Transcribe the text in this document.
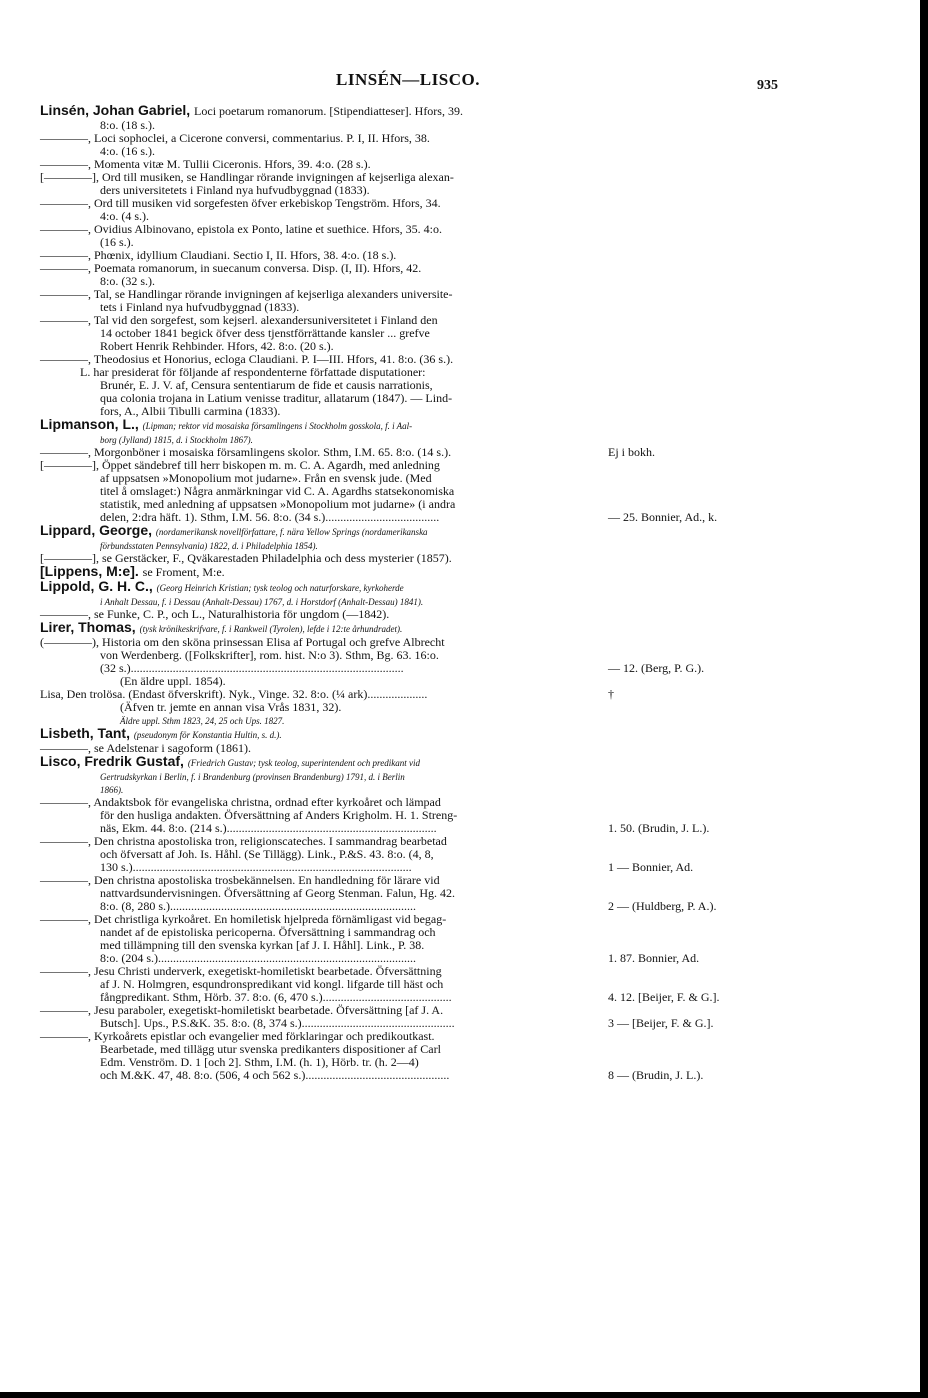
LINSÉN—LISCO.	935
Linsén, Johan Gabriel, Loci poetarum romanorum. [Stipendiatteser]. Hfors, 39.
8:o. (18 s.).
————, Loci sophoclei, a Cicerone conversi, commentarius. P. I, II. Hfors, 38.
4:o. (16 s.).
————, Momenta vitæ M. Tullii Ciceronis. Hfors, 39. 4:o. (28 s.).
[————], Ord till musiken, se Handlingar rörande invigningen af kejserliga alexan-
ders universitetets i Finland nya hufvudbyggnad (1833).
————, Ord till musiken vid sorgefesten öfver erkebiskop Tengström. Hfors, 34.
4:o. (4 s.).
————, Ovidius Albinovano, epistola ex Ponto, latine et suethice. Hfors, 35. 4:o.
(16 s.).
————, Phœnix, idyllium Claudiani. Sectio I, II. Hfors, 38. 4:o. (18 s.).
————, Poemata romanorum, in suecanum conversa. Disp. (I, II). Hfors, 42.
8:o. (32 s.).
————, Tal, se Handlingar rörande invigningen af kejserliga alexanders universite-
tets i Finland nya hufvudbyggnad (1833).
————, Tal vid den sorgefest, som kejserl. alexandersuniversitetet i Finland den
14 october 1841 begick öfver dess tjenstförrättande kansler ... grefve
Robert Henrik Rehbinder. Hfors, 42. 8:o. (20 s.).
————, Theodosius et Honorius, ecloga Claudiani. P. I—III. Hfors, 41. 8:o. (36 s.).
L. har presiderat för följande af respondenterne författade disputationer:
Brunér, E. J. V. af, Censura sententiarum de fide et causis narrationis,
qua colonia trojana in Latium venisse traditur, allatarum (1847). — Lind-
fors, A., Albii Tibulli carmina (1833).
Lipmanson, L., (Lipman; rektor vid mosaiska församlingens i Stockholm gosskola, f. i Aal-
borg (Jylland) 1815, d. i Stockholm 1867).
————, Morgonböner i mosaiska församlingens skolor. Sthm, I.M. 65. 8:o. (14 s.).	Ej i bokh.
[————], Öppet sändebref till herr biskopen m. m. C. A. Agardh, med anledning
af uppsatsen »Monopolium mot judarne». Från en svensk jude. (Med
titel å omslaget:) Några anmärkningar vid C. A. Agardhs statsekonomiska
statistik, med anledning af uppsatsen »Monopolium mot judarne» (i andra
delen, 2:dra häft. 1). Sthm, I.M. 56. 8:o. (34 s.)......................................	— 25. Bonnier, Ad., k.
Lippard, George, (nordamerikansk novellförfattare, f. nära Yellow Springs (nordamerikanska
förbundsstaten Pennsylvania) 1822, d. i Philadelphia 1854).
[————], se Gerstäcker, F., Qväkarestaden Philadelphia och dess mysterier (1857).
[Lippens, M:e]. se Froment, M:e.
Lippold, G. H. C., (Georg Heinrich Kristian; tysk teolog och naturforskare, kyrkoherde
i Anhalt Dessau, f. i Dessau (Anhalt-Dessau) 1767, d. i Horstdorf (Anhalt-Dessau) 1841).
————, se Funke, C. P., och L., Naturalhistoria för ungdom (—1842).
Lirer, Thomas, (tysk krönikeskrifvare, f. i Rankweil (Tyrolen), lefde i 12:te århundradet).
(————), Historia om den sköna prinsessan Elisa af Portugal och grefve Albrecht
von Werdenberg. ([Folkskrifter], rom. hist. N:o 3). Sthm, Bg. 63. 16:o.
(32 s.)...........................................................................................	— 12. (Berg, P. G.).
(En äldre uppl. 1854).
Lisa, Den trolösa. (Endast öfverskrift). Nyk., Vinge. 32. 8:o. (¼ ark)....................	†
(Äfven tr. jemte en annan visa Vrås 1831, 32).
Äldre uppl. Sthm 1823, 24, 25 och Ups. 1827.
Lisbeth, Tant, (pseudonym för Konstantia Hultin, s. d.).
————, se Adelstenar i sagoform (1861).
Lisco, Fredrik Gustaf, (Friedrich Gustav; tysk teolog, superintendent och predikant vid
Gertrudskyrkan i Berlin, f. i Brandenburg (provinsen Brandenburg) 1791, d. i Berlin
1866).
————, Andaktsbok för evangeliska christna, ordnad efter kyrkoåret och lämpad
för den husliga andakten. Öfversättning af Anders Krigholm. H. 1. Streng-
näs, Ekm. 44. 8:o. (214 s.)......................................................................	1. 50. (Brudin, J. L.).
————, Den christna apostoliska tron, religionscateches. I sammandrag bearbetad
och öfversatt af Joh. Is. Håhl. (Se Tillägg). Link., P.&S. 43. 8:o. (4, 8,
130 s.).............................................................................................	1 — Bonnier, Ad.
————, Den christna apostoliska trosbekännelsen. En handledning för lärare vid
nattvardsundervisningen. Öfversättning af Georg Stenman. Falun, Hg. 42.
8:o. (8, 280 s.)..................................................................................	2 — (Huldberg, P. A.).
————, Det christliga kyrkoåret. En homiletisk hjelpreda förnämligast vid begag-
nandet af de epistoliska pericoperna. Öfversättning i sammandrag och
med tillämpning till den svenska kyrkan [af J. I. Håhl]. Link., P. 38.
8:o. (204 s.)......................................................................................	1. 87. Bonnier, Ad.
————, Jesu Christi underverk, exegetiskt-homiletiskt bearbetade. Öfversättning
af J. N. Holmgren, esqundronspredikant vid kongl. lifgarde till häst och
fångpredikant. Sthm, Hörb. 37. 8:o. (6, 470 s.)...........................................	4. 12. [Beijer, F. & G.].
————, Jesu paraboler, exegetiskt-homiletiskt bearbetade. Öfversättning [af J. A.
Butsch]. Ups., P.S.&K. 35. 8:o. (8, 374 s.)...................................................	3 — [Beijer, F. & G.].
————, Kyrkoårets epistlar och evangelier med förklaringar och predikoutkast.
Bearbetade, med tillägg utur svenska predikanters dispositioner af Carl
Edm. Venström. D. 1 [och 2]. Sthm, I.M. (h. 1), Hörb. tr. (h. 2—4)
och M.&K. 47, 48. 8:o. (506, 4 och 562 s.)................................................	8 — (Brudin, J. L.).
